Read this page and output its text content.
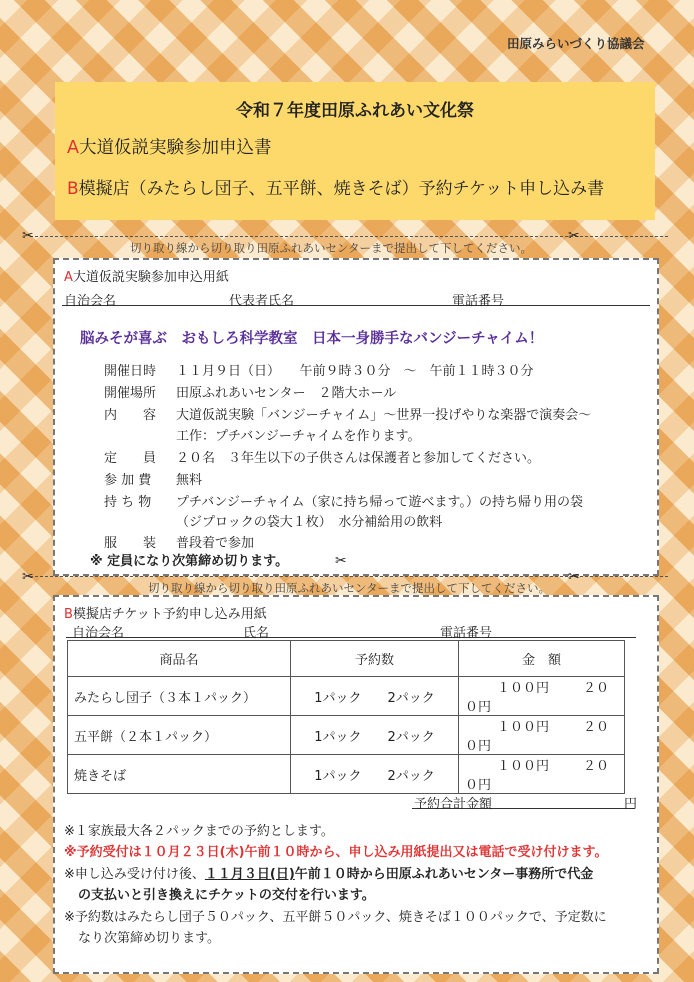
田原みらいづくり協議会
令和７年度田原ふれあい文化祭
A大道仮説実験参加申込書
B模擬店（みたらし団子、五平餅、焼きそば）予約チケット申し込み書
✂	✂
切り取り線から切り取り田原ふれあいセンターまで提出して下してください。
A大道仮説実験参加申込用紙
自治会名	代表者氏名	電話番号
脳みそが喜ぶ　おもしろ科学教室　日本一身勝手なバンジーチャイム！
開催日時 １１月９日（日）　　午前９時３０分　～　午前１１時３０分
開催場所 田原ふれあいセンター　２階大ホール
内　　容 大道仮説実験「バンジーチャイム」～世界一投げやりな楽器で演奏会～
工作：プチバンジーチャイムを作ります。
定　　員 ２０名　３年生以下の子供さんは保護者と参加してください。
参 加 費 無料
持 ち 物 プチバンジーチャイム（家に持ち帰って遊べます。）の持ち帰り用の袋
（ジプロックの袋大１枚）　水分補給用の飲料
服　　装 普段着で参加
※ 定員になり次第締め切ります。	✂
✂	✂
切り取り線から切り取り田原ふれあいセンターまで提出して下してください。
B模擬店チケット予約申し込み用紙
自治会名	氏名	電話番号
商品名	予約数	金　額
みたらし団子（３本１パック）	1パック 2パック	１００円 ２００円
五平餅（２本１パック）	1パック 2パック	１００円 ２００円
焼きそば	1パック 2パック	１００円 ２００円
予約合計金額	円
※１家族最大各２パックまでの予約とします。
※予約受付は１０月２３日(木)午前１０時から、申し込み用紙提出又は電話で受け付けます。
※申し込み受け付け後、１１月３日(日)午前１０時から田原ふれあいセンター事務所で代金
の支払いと引き換えにチケットの交付を行います。
※予約数はみたらし団子５０パック、五平餅５０パック、焼きそば１００パックで、予定数に
なり次第締め切ります。
